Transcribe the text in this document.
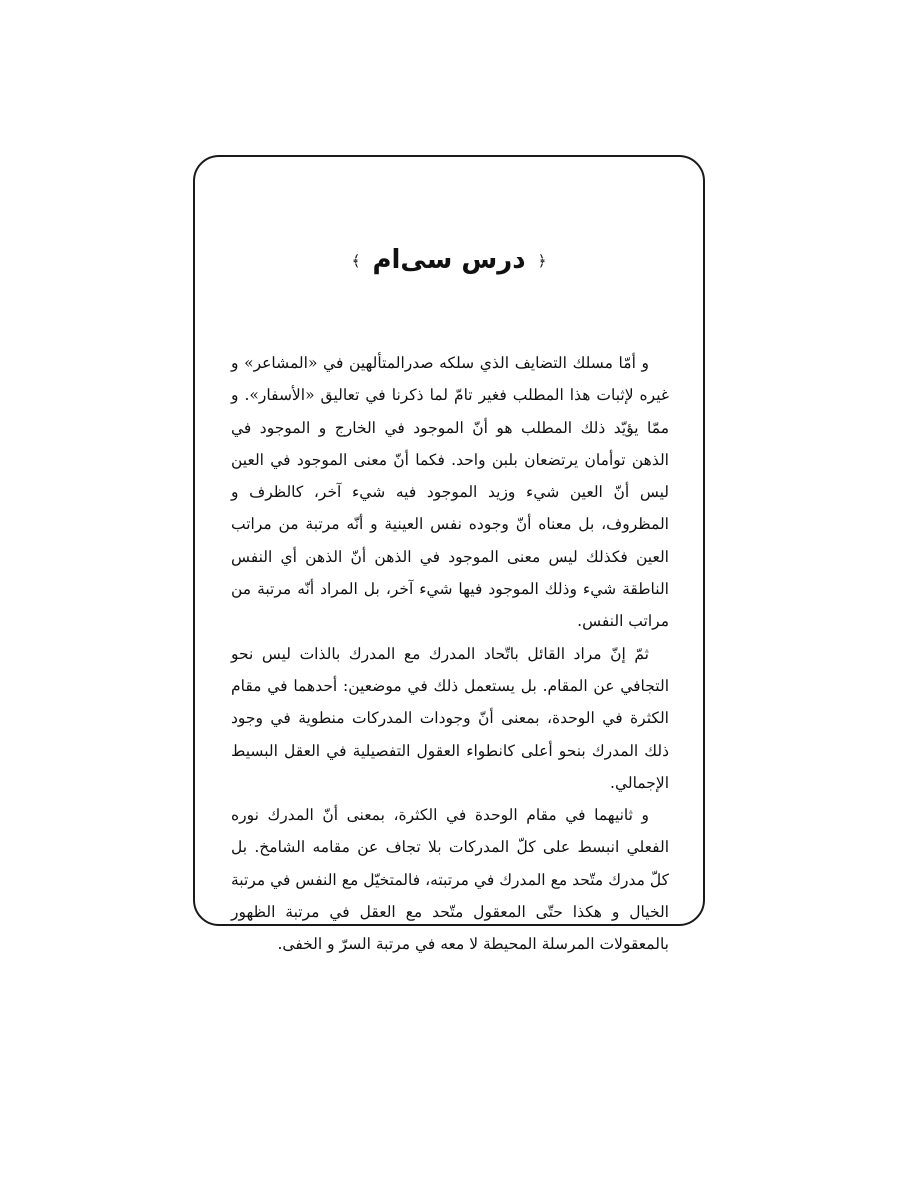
﴿ درس سی‌ام ﴾

و أمّا مسلك التضايف الذي سلكه صدرالمتألهين في «المشاعر» و غيره لإثبات هذا المطلب فغير تامّ لما ذكرنا في تعاليق «الأسفار». و ممّا يؤيّد ذلك المطلب هو أنّ الموجود في الخارج و الموجود في الذهن توأمان يرتضعان بلبن واحد. فكما أنّ معنى الموجود في العين ليس أنّ العين شيء وزيد الموجود فيه شيء آخر، كالظرف و المظروف، بل معناه أنّ وجوده نفس العينية و أنّه مرتبة من مراتب العين فكذلك ليس معنى الموجود في الذهن أنّ الذهن أي النفس الناطقة شيء وذلك الموجود فيها شيء آخر، بل المراد أنّه مرتبة من مراتب النفس.

ثمّ إنّ مراد القائل باتّحاد المدرك مع المدرك بالذات ليس نحو التجافي عن المقام. بل يستعمل ذلك في موضعين: أحدهما في مقام الكثرة في الوحدة، بمعنى أنّ وجودات المدركات منطوية في وجود ذلك المدرك بنحو أعلى كانطواء العقول التفصيلية في العقل البسيط الإجمالي.

و ثانيهما في مقام الوحدة في الكثرة، بمعنى أنّ المدرك نوره الفعلي انبسط على كلّ المدركات بلا تجاف عن مقامه الشامخ. بل كلّ مدرك متّحد مع المدرك في مرتبته، فالمتخيّل مع النفس في مرتبة الخيال و هكذا حتّى المعقول متّحد مع العقل في مرتبة الظهور بالمعقولات المرسلة المحيطة لا معه في مرتبة السرّ و الخفى.
